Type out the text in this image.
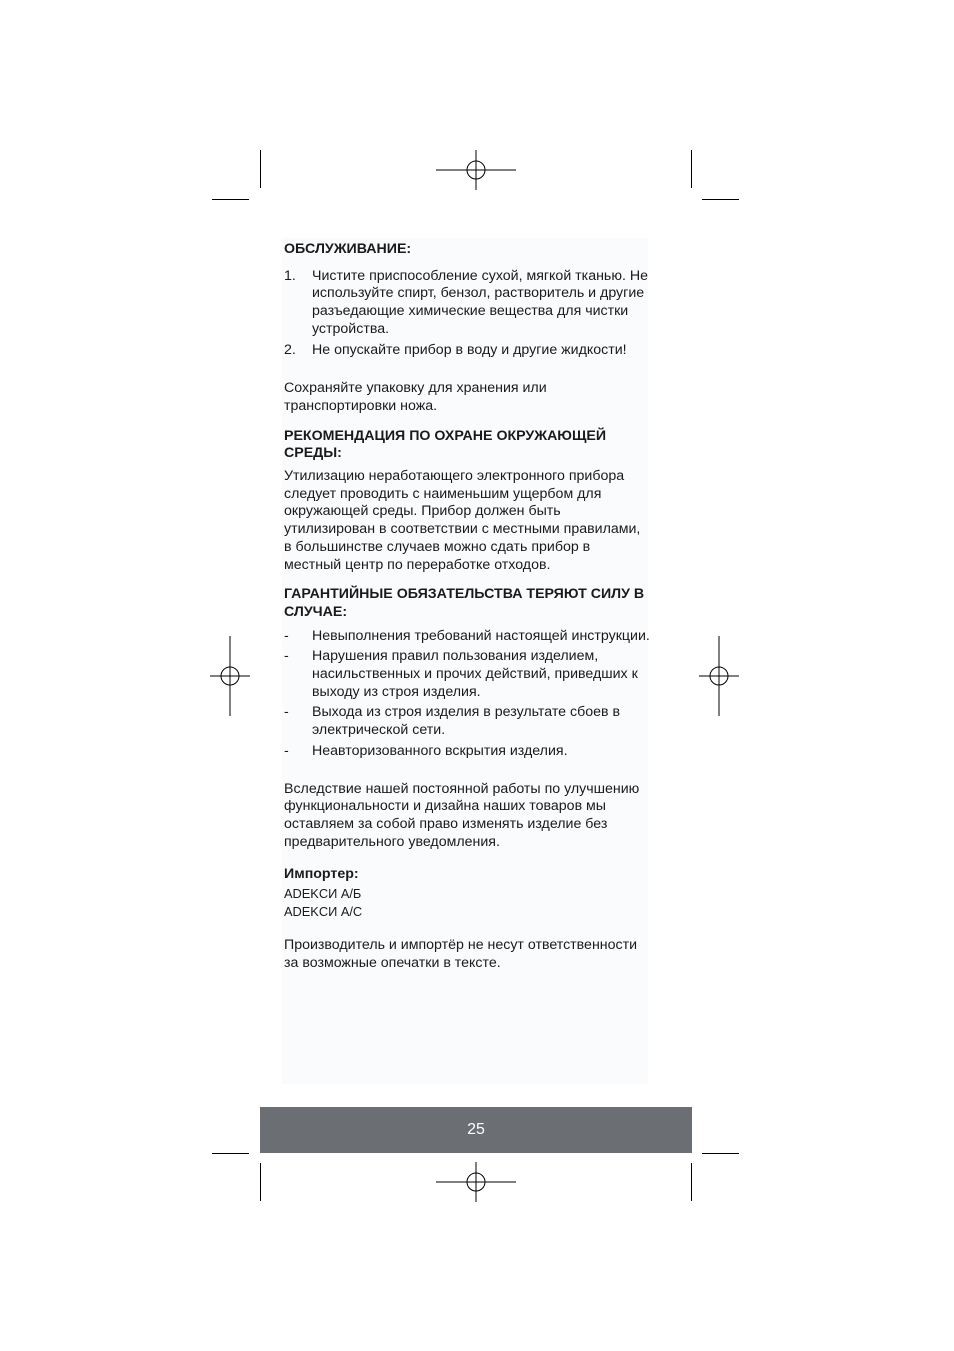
ОБСЛУЖИВАНИЕ:

1. Чистите приспособление сухой, мягкой тканью. Не используйте спирт, бензол, растворитель и другие разъедающие химические вещества для чистки устройства.
2. Не опускайте прибор в воду и другие жидкости!

Сохраняйте упаковку для хранения или транспортировки ножа.

РЕКОМЕНДАЦИЯ ПО ОХРАНЕ ОКРУЖАЮЩЕЙ СРЕДЫ:

Утилизацию неработающего электронного прибора следует проводить с наименьшим ущербом для окружающей среды. Прибор должен быть утилизирован в соответствии с местными правилами, в большинстве случаев можно сдать прибор в местный центр по переработке отходов.

ГАРАНТИЙНЫЕ ОБЯЗАТЕЛЬСТВА ТЕРЯЮТ СИЛУ В СЛУЧАЕ:

- Невыполнения требований настоящей инструкции.
- Нарушения правил пользования изделием, насильственных и прочих действий, приведших к выходу из строя изделия.
- Выхода из строя изделия в результате сбоев в электрической сети.
- Неавторизованного вскрытия изделия.

Вследствие нашей постоянной работы по улучшению функциональности и дизайна наших товаров мы оставляем за собой право изменять изделие без предварительного уведомления.

Импортер:

ADEKCИ A/Б

ADEKCИ A/C

Производитель и импортёр не несут ответственности за возможные опечатки в тексте.

25
